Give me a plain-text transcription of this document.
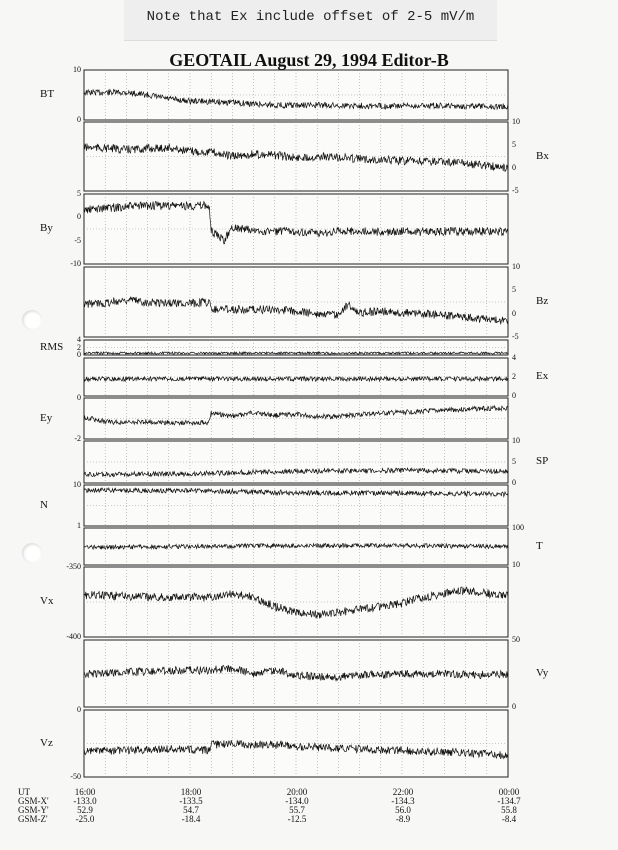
Note that Ex include offset of 2-5 mV/m
GEOTAIL August 29, 1994 Editor-B
BT
10
0
Bx
10
5
0
-5
By
5
0
-5
-10
Bz
10
5
0
-5
RMS
4
2
0
Ex
4
2
0
Ey
0
-2
SP
10
5
0
N
10
1
T
100
10
Vx
-350
-400
Vy
50
0
Vz
0
-50
UT
GSM-X'
GSM-Y'
GSM-Z'
16:00
-133.0
52.9
-25.0
18:00
-133.5
54.7
-18.4
20:00
-134.0
55.7
-12.5
22:00
-134.3
56.0
-8.9
00:00
-134.7
55.8
-8.4
